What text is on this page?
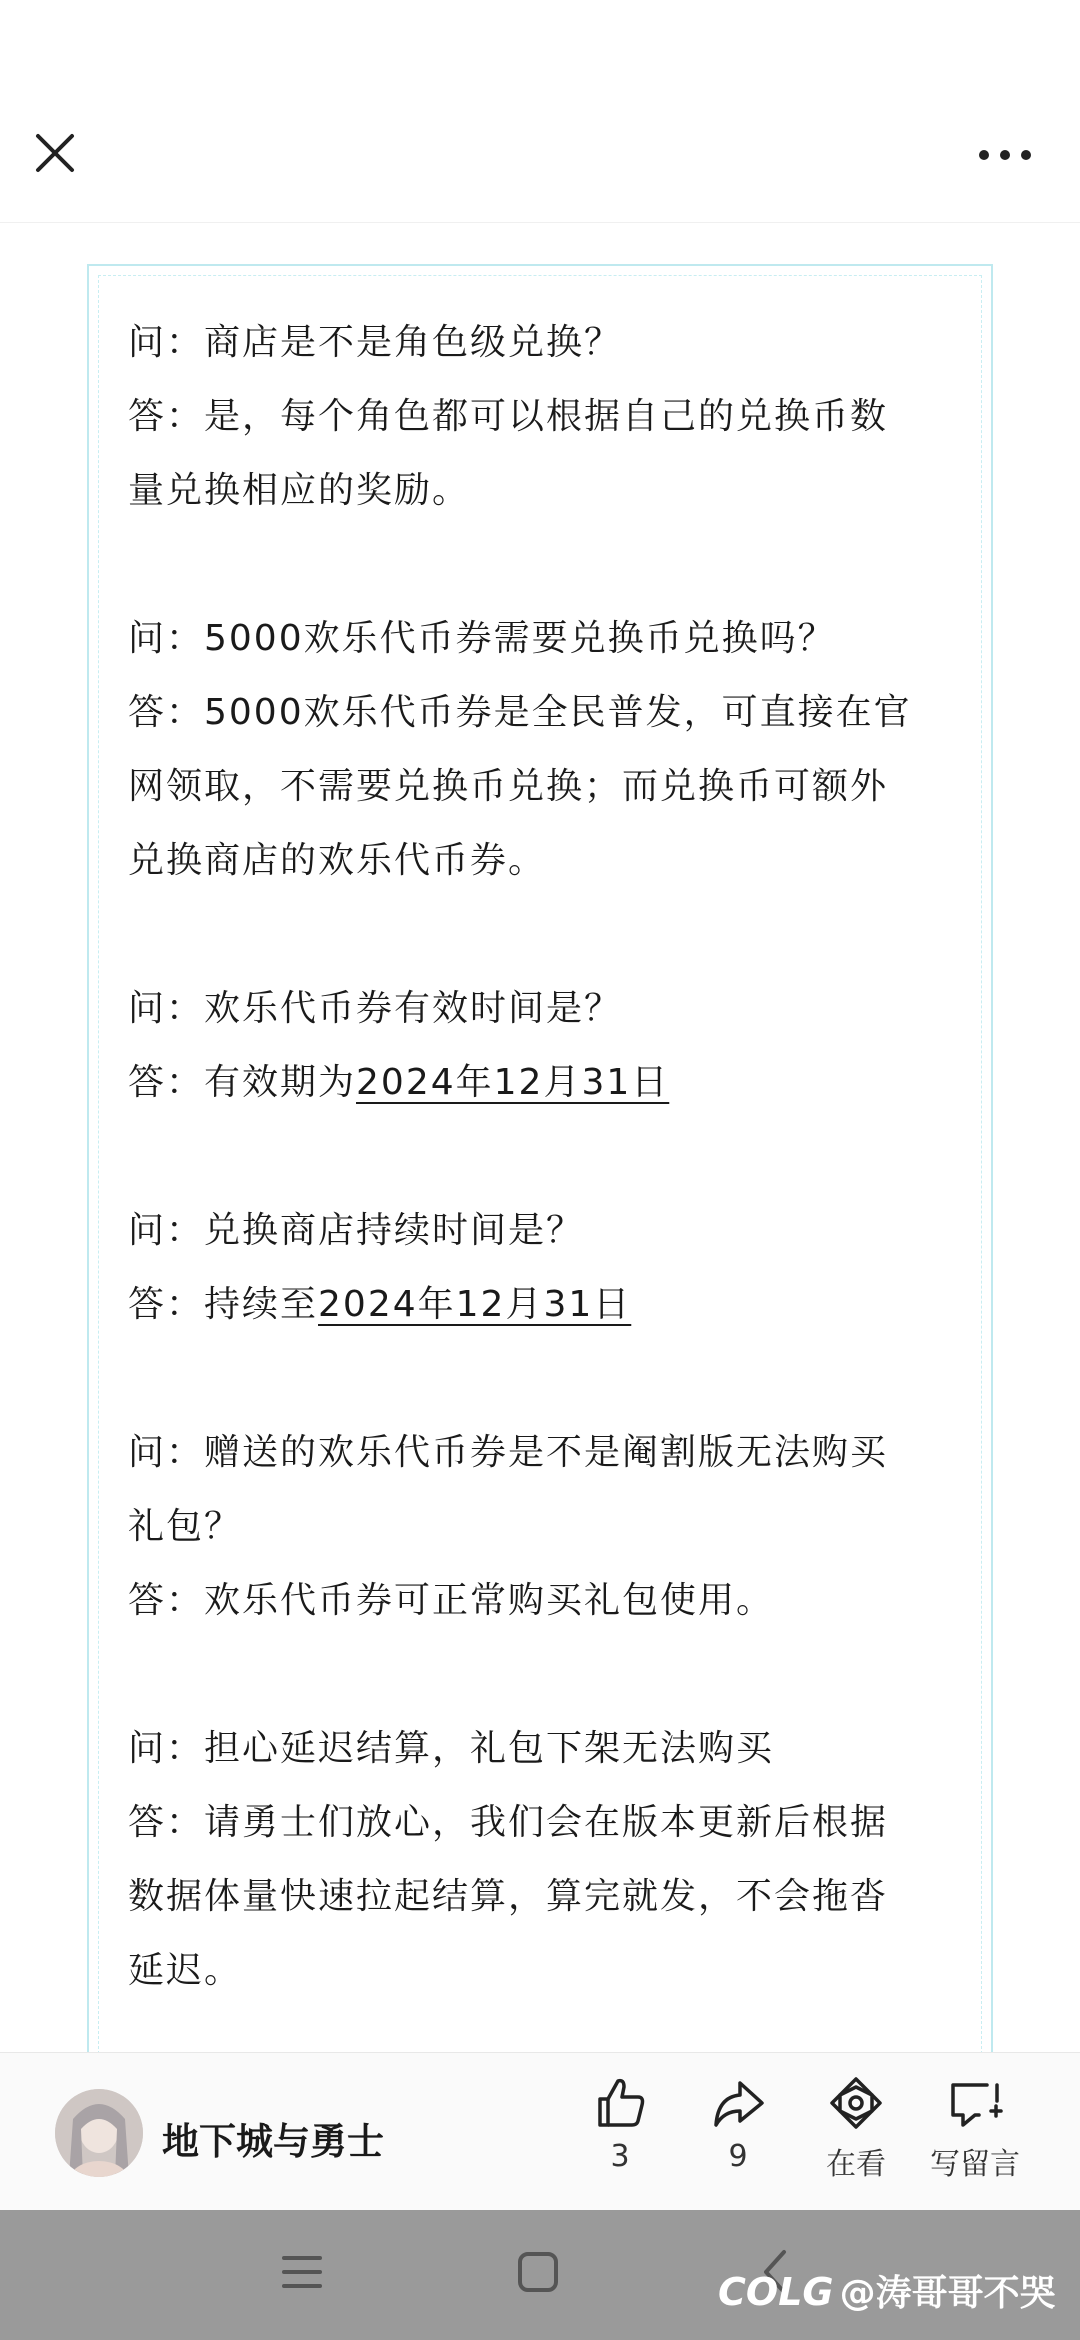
问：商店是不是角色级兑换？
答：是，每个角色都可以根据自己的兑换币数
量兑换相应的奖励。
问：5000欢乐代币券需要兑换币兑换吗？
答：5000欢乐代币券是全民普发，可直接在官
网领取，不需要兑换币兑换；而兑换币可额外
兑换商店的欢乐代币券。
问：欢乐代币券有效时间是？
答：有效期为2024年12月31日
问：兑换商店持续时间是？
答：持续至2024年12月31日
问：赠送的欢乐代币券是不是阉割版无法购买
礼包？
答：欢乐代币券可正常购买礼包使用。
问：担心延迟结算，礼包下架无法购买
答：请勇士们放心，我们会在版本更新后根据
数据体量快速拉起结算，算完就发，不会拖沓
延迟。
地下城与勇士	3	9	在看	写留言
COLG @涛哥哥不哭
